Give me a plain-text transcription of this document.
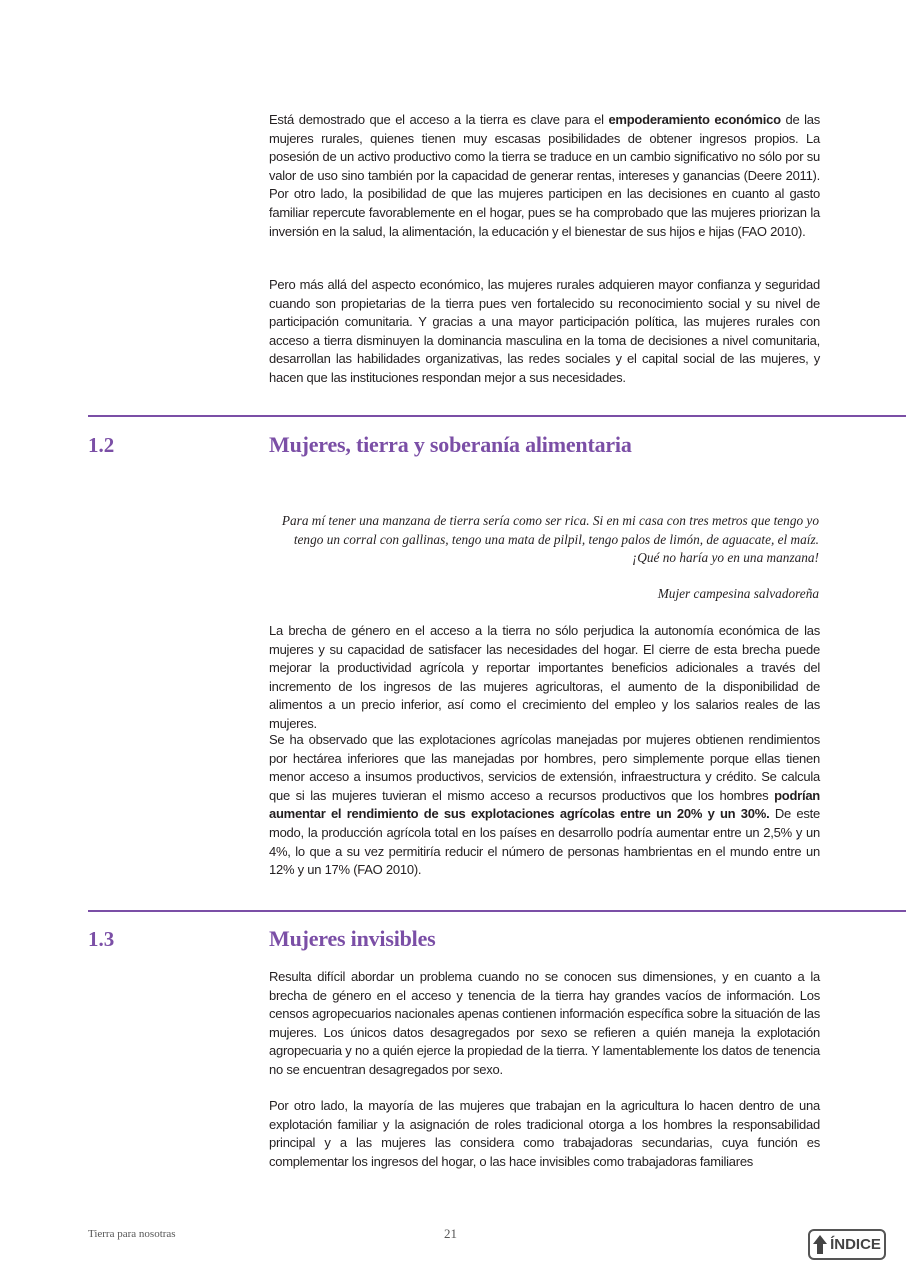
Está demostrado que el acceso a la tierra es clave para el empoderamiento económico de las mujeres rurales, quienes tienen muy escasas posibilidades de obtener ingresos propios. La posesión de un activo productivo como la tierra se traduce en un cambio significativo no sólo por su valor de uso sino también por la capacidad de generar rentas, intereses y ganancias (Deere 2011). Por otro lado, la posibilidad de que las mujeres participen en las decisiones en cuanto al gasto familiar repercute favorablemente en el hogar, pues se ha comprobado que las mujeres priorizan la inversión en la salud, la alimentación, la educación y el bienestar de sus hijos e hijas (FAO 2010).

Pero más allá del aspecto económico, las mujeres rurales adquieren mayor confianza y seguridad cuando son propietarias de la tierra pues ven fortalecido su reconocimiento social y su nivel de participación comunitaria. Y gracias a una mayor participación política, las mujeres rurales con acceso a tierra disminuyen la dominancia masculina en la toma de decisiones a nivel comunitaria, desarrollan las habilidades organizativas, las redes sociales y el capital social de las mujeres, y hacen que las instituciones respondan mejor a sus necesidades.

1.2	Mujeres, tierra y soberanía alimentaria

Para mí tener una manzana de tierra sería como ser rica. Si en mi casa con tres metros que tengo yo tengo un corral con gallinas, tengo una mata de pilpil, tengo palos de limón, de aguacate, el maíz. ¡Qué no haría yo en una manzana!

Mujer campesina salvadoreña

La brecha de género en el acceso a la tierra no sólo perjudica la autonomía económica de las mujeres y su capacidad de satisfacer las necesidades del hogar. El cierre de esta brecha puede mejorar la productividad agrícola y reportar importantes beneficios adicionales a través del incremento de los ingresos de las mujeres agricultoras, el aumento de la disponibilidad de alimentos a un precio inferior, así como el crecimiento del empleo y los salarios reales de las mujeres.

Se ha observado que las explotaciones agrícolas manejadas por mujeres obtienen rendimientos por hectárea inferiores que las manejadas por hombres, pero simplemente porque ellas tienen menor acceso a insumos productivos, servicios de extensión, infraestructura y crédito. Se calcula que si las mujeres tuvieran el mismo acceso a recursos productivos que los hombres podrían aumentar el rendimiento de sus explotaciones agrícolas entre un 20% y un 30%. De este modo, la producción agrícola total en los países en desarrollo podría aumentar entre un 2,5% y un 4%, lo que a su vez permitiría reducir el número de personas hambrientas en el mundo entre un 12% y un 17% (FAO 2010).

1.3	Mujeres invisibles

Resulta difícil abordar un problema cuando no se conocen sus dimensiones, y en cuanto a la brecha de género en el acceso y tenencia de la tierra hay grandes vacíos de información. Los censos agropecuarios nacionales apenas contienen información específica sobre la situación de las mujeres. Los únicos datos desagregados por sexo se refieren a quién maneja la explotación agropecuaria y no a quién ejerce la propiedad de la tierra. Y lamentablemente los datos de tenencia no se encuentran desagregados por sexo.

Por otro lado, la mayoría de las mujeres que trabajan en la agricultura lo hacen dentro de una explotación familiar y la asignación de roles tradicional otorga a los hombres la responsabilidad principal y a las mujeres las considera como trabajadoras secundarias, cuya función es complementar los ingresos del hogar, o las hace invisibles como trabajadoras familiares

Tierra para nosotras	21
ÍNDICE
